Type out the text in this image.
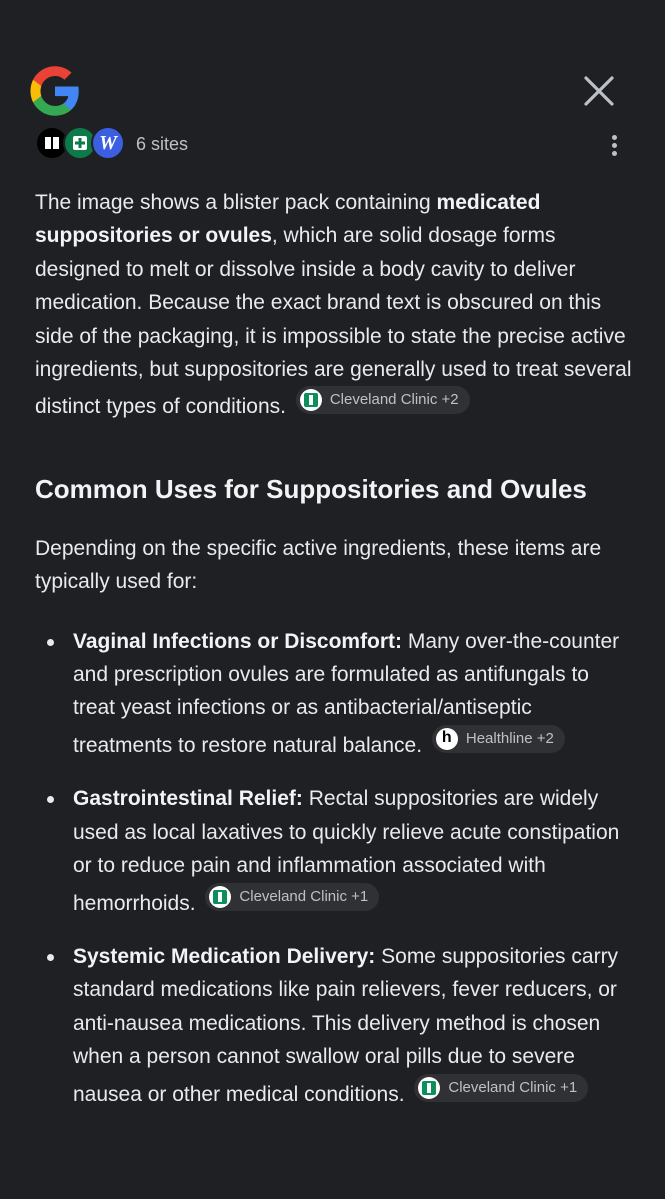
W	6 sites

The image shows a blister pack containing medicated suppositories or ovules, which are solid dosage forms designed to melt or dissolve inside a body cavity to deliver medication. Because the exact brand text is obscured on this side of the packaging, it is impossible to state the precise active ingredients, but suppositories are generally used to treat several distinct types of conditions.	Cleveland Clinic +2

Common Uses for Suppositories and Ovules

Depending on the specific active ingredients, these items are typically used for:

Vaginal Infections or Discomfort: Many over-the-counter and prescription ovules are formulated as antifungals to treat yeast infections or as antibacterial/antiseptic treatments to restore natural balance.
h	Healthline +2
Gastrointestinal Relief: Rectal suppositories are widely used as local laxatives to quickly relieve acute constipation or to reduce pain and inflammation associated with hemorrhoids.	Cleveland Clinic +1
Systemic Medication Delivery: Some suppositories carry standard medications like pain relievers, fever reducers, or anti-nausea medications. This delivery method is chosen when a person cannot swallow oral pills due to severe nausea or other medical conditions.	Cleveland Clinic +1
